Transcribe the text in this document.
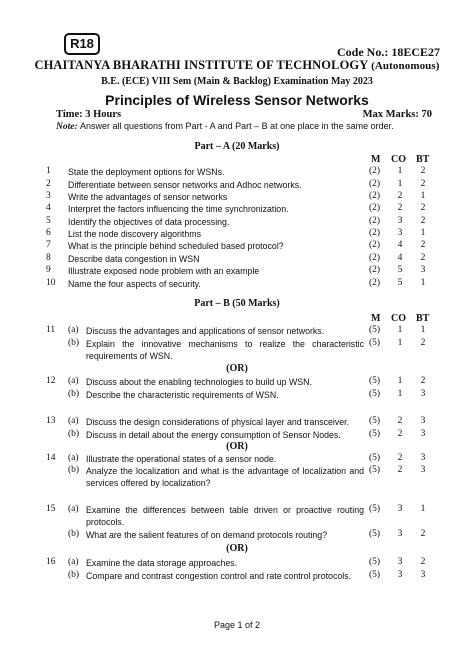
R18
Code No.: 18ECE27
CHAITANYA BHARATHI INSTITUTE OF TECHNOLOGY (Autonomous)
B.E. (ECE) VIII Sem (Main & Backlog) Examination May 2023
Principles of Wireless Sensor Networks
Time: 3 Hours	Max Marks: 70
Note: Answer all questions from Part - A and Part – B at one place in the same order.
Part – A (20 Marks)
M CO BT
1 State the deployment options for WSNs.	(2) 1 2
2 Differentiate between sensor networks and Adhoc networks.	(2) 1 2
3 Write the advantages of sensor networks	(2) 2 1
4 Interpret the factors influencing the time synchronization.	(2) 2 2
5 Identify the objectives of data processing.	(2) 3 2
6 List the node discovery algorithms	(2) 3 1
7 What is the principle behind scheduled based protocol?	(2) 4 2
8 Describe data congestion in WSN	(2) 4 2
9 Illustrate exposed node problem with an example	(2) 5 3
10 Name the four aspects of security.	(2) 5 1
Part – B (50 Marks)
M CO BT
11 (a) Discuss the advantages and applications of sensor networks.	(5) 1 1
(b) Explain the innovative mechanisms to realize the characteristic
requirements of WSN.
(5) 1 2
12 (a) Discuss about the enabling technologies to build up WSN.	(5) 1 2
(b) Describe the characteristic requirements of WSN.	(5) 1 3
13 (a) Discuss the design considerations of physical layer and transceiver.	(5) 2 3
(b) Discuss in detail about the energy consumption of Sensor Nodes.	(5) 2 3
14 (a) Illustrate the operational states of a sensor node.	(5) 2 3
(b) Analyze the localization and what is the advantage of localization and
services offered by localization?
(5) 2 3
15 (a) Examine the differences between table driven or proactive routing
protocols.
(5) 3 1
(b) What are the salient features of on demand protocols routing?	(5) 3 2
16 (a) Examine the data storage approaches.	(5) 3 2
(b) Compare and contrast congestion control and rate control protocols.	(5) 3 3
(OR)
(OR)
(OR)
Page 1 of 2
